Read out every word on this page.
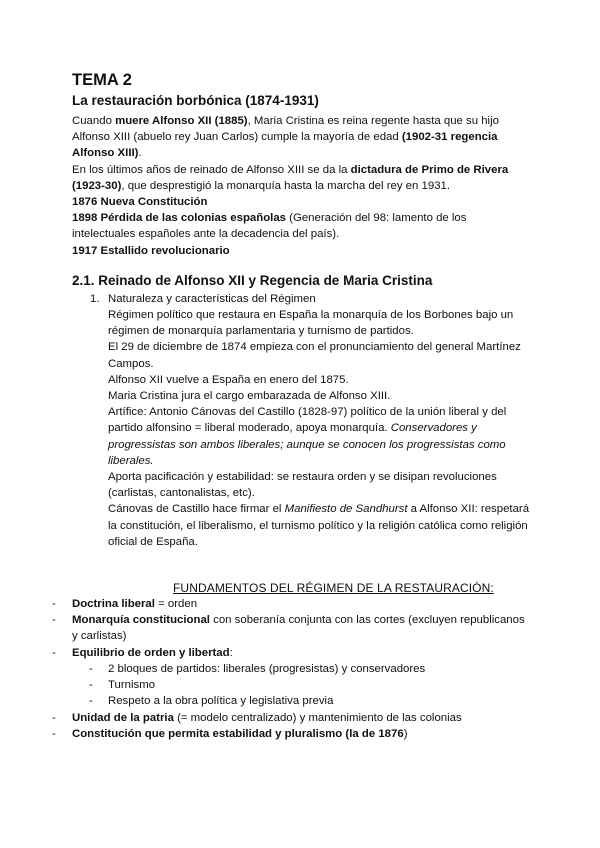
TEMA 2

La restauración borbónica (1874-1931)

Cuando muere Alfonso XII (1885), Maria Cristina es reina regente hasta que su hijo Alfonso XIII (abuelo rey Juan Carlos) cumple la mayoría de edad (1902-31 regencia Alfonso XIII).

En los últimos años de reinado de Alfonso XIII se da la dictadura de Primo de Rivera (1923-30), que desprestigió la monarquía hasta la marcha del rey en 1931.

1876 Nueva Constitución

1898 Pérdida de las colonias españolas (Generación del 98: lamento de los intelectuales españoles ante la decadencia del país).

1917 Estallido revolucionario

2.1. Reinado de Alfonso XII y Regencia de Maria Cristina

1. Naturaleza y características del Régimen

Régimen político que restaura en España la monarquía de los Borbones bajo un régimen de monarquía parlamentaria y turnismo de partidos.

El 29 de diciembre de 1874 empieza con el pronunciamiento del general Martínez Campos.

Alfonso XII vuelve a España en enero del 1875.

Maria Cristina jura el cargo embarazada de Alfonso XIII.

Artífice: Antonio Cánovas del Castillo (1828-97) político de la unión liberal y del partido alfonsino = liberal moderado, apoya monarquía. Conservadores y progressistas son ambos liberales; aunque se conocen los progressistas como liberales.

Aporta pacificación y estabilidad: se restaura orden y se disipan revoluciones (carlistas, cantonalistas, etc).

Cánovas de Castillo hace firmar el Manifiesto de Sandhurst a Alfonso XII: respetará la constitución, el liberalismo, el turnismo político y la religión católica como religión oficial de España.

FUNDAMENTOS DEL RÉGIMEN DE LA RESTAURACIÓN:

- Doctrina liberal = orden
- Monarquía constitucional con soberanía conjunta con las cortes (excluyen republicanos y carlistas)
- Equilibrio de orden y libertad:
- 2 bloques de partidos: liberales (progresistas) y conservadores
- Turnismo
- Respeto a la obra política y legislativa previa
- Unidad de la patria (= modelo centralizado) y mantenimiento de las colonias
- Constitución que permita estabilidad y pluralismo (la de 1876)
